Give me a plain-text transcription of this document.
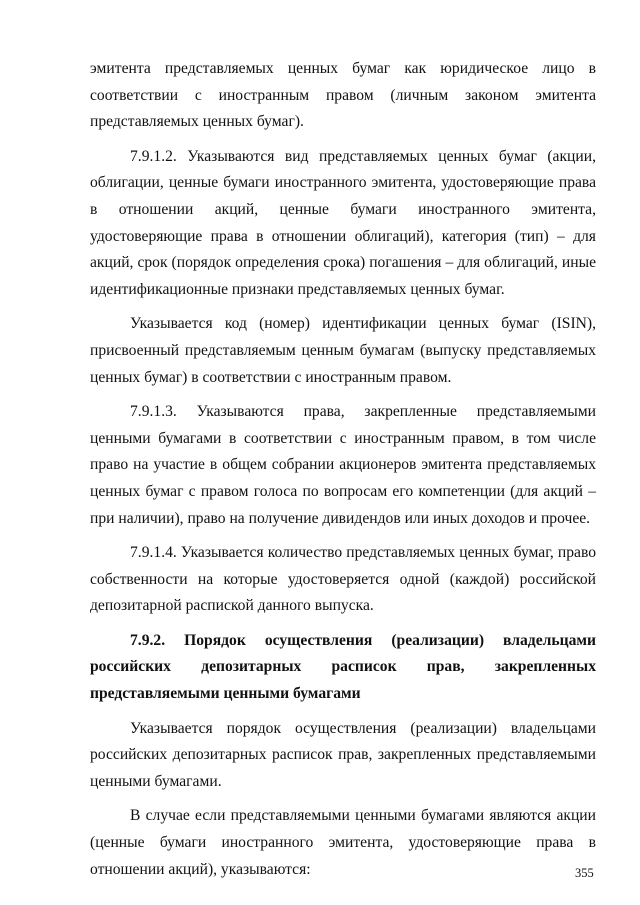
эмитента представляемых ценных бумаг как юридическое лицо в соответствии с иностранным правом (личным законом эмитента представляемых ценных бумаг).

7.9.1.2. Указываются вид представляемых ценных бумаг (акции, облигации, ценные бумаги иностранного эмитента, удостоверяющие права в отношении акций, ценные бумаги иностранного эмитента, удостоверяющие права в отношении облигаций), категория (тип) – для акций, срок (порядок определения срока) погашения – для облигаций, иные идентификационные признаки представляемых ценных бумаг.

Указывается код (номер) идентификации ценных бумаг (ISIN), присвоенный представляемым ценным бумагам (выпуску представляемых ценных бумаг) в соответствии с иностранным правом.

7.9.1.3. Указываются права, закрепленные представляемыми ценными бумагами в соответствии с иностранным правом, в том числе право на участие в общем собрании акционеров эмитента представляемых ценных бумаг с правом голоса по вопросам его компетенции (для акций – при наличии), право на получение дивидендов или иных доходов и прочее.

7.9.1.4. Указывается количество представляемых ценных бумаг, право собственности на которые удостоверяется одной (каждой) российской депозитарной распиской данного выпуска.

7.9.2. Порядок осуществления (реализации) владельцами российских депозитарных расписок прав, закрепленных представляемыми ценными бумагами

Указывается порядок осуществления (реализации) владельцами российских депозитарных расписок прав, закрепленных представляемыми ценными бумагами.

В случае если представляемыми ценными бумагами являются акции (ценные бумаги иностранного эмитента, удостоверяющие права в отношении акций), указываются:	355
